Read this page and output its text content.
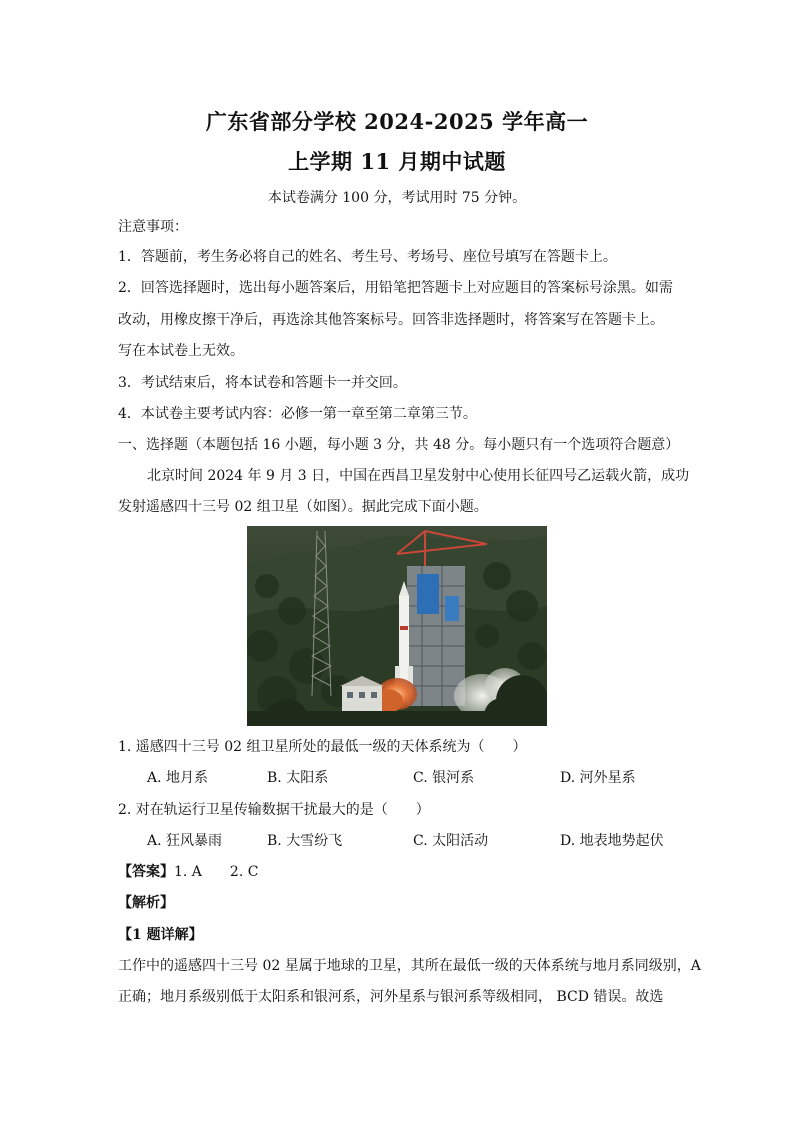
广东省部分学校 2024-2025 学年高一
上学期 11 月期中试题
本试卷满分 100 分，考试用时 75 分钟。
注意事项：
1．答题前，考生务必将自己的姓名、考生号、考场号、座位号填写在答题卡上。
2．回答选择题时，选出每小题答案后，用铅笔把答题卡上对应题目的答案标号涂黑。如需
改动，用橡皮擦干净后，再选涂其他答案标号。回答非选择题时，将答案写在答题卡上。
写在本试卷上无效。
3．考试结束后，将本试卷和答题卡一并交回。
4．本试卷主要考试内容：必修一第一章至第二章第三节。
一、选择题（本题包括 16 小题，每小题 3 分，共 48 分。每小题只有一个选项符合题意）
北京时间 2024 年 9 月 3 日，中国在西昌卫星发射中心使用长征四号乙运载火箭，成功
发射遥感四十三号 02 组卫星（如图）。据此完成下面小题。
1. 遥感四十三号 02 组卫星所处的最低一级的天体系统为（　　）
A. 地月系	B. 太阳系	C. 银河系	D. 河外星系
2. 对在轨运行卫星传输数据干扰最大的是（　　）
A. 狂风暴雨	B. 大雪纷飞	C. 太阳活动	D. 地表地势起伏
【答案】1. A　　2. C
【解析】
【1 题详解】
工作中的遥感四十三号 02 星属于地球的卫星，其所在最低一级的天体系统与地月系同级别，A
正确；地月系级别低于太阳系和银河系，河外星系与银河系等级相同， BCD 错误。故选
